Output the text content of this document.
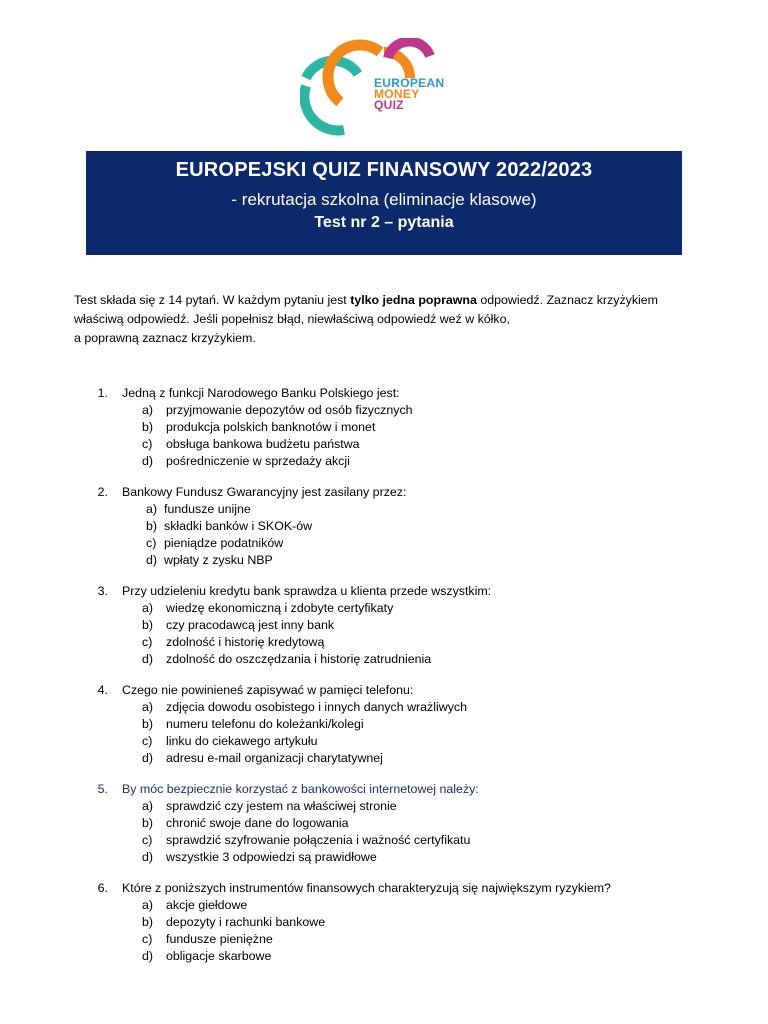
EUROPEAN
MONEY
QUIZ
EUROPEJSKI QUIZ FINANSOWY 2022/2023
- rekrutacja szkolna (eliminacje klasowe)
Test nr 2 – pytania
Test składa się z 14 pytań. W każdym pytaniu jest tylko jedna poprawna odpowiedź. Zaznacz krzyżykiem właściwą odpowiedź. Jeśli popełnisz błąd, niewłaściwą odpowiedź weź w kółko,
a poprawną zaznacz krzyżykiem.
1.	Jedną z funkcji Narodowego Banku Polskiego jest:
a)	przyjmowanie depozytów od osób fizycznych
b)	produkcja polskich banknotów i monet
c)	obsługa bankowa budżetu państwa
d)	pośredniczenie w sprzedaży akcji
2.	Bankowy Fundusz Gwarancyjny jest zasilany przez:
a) fundusze unijne
b) składki banków i SKOK-ów
c) pieniądze podatników
d) wpłaty z zysku NBP
3.	Przy udzieleniu kredytu bank sprawdza u klienta przede wszystkim:
a)	wiedzę ekonomiczną i zdobyte certyfikaty
b)	czy pracodawcą jest inny bank
c)	zdolność i historię kredytową
d)	zdolność do oszczędzania i historię zatrudnienia
4.	Czego nie powinieneś zapisywać w pamięci telefonu:
a)	zdjęcia dowodu osobistego i innych danych wrażliwych
b)	numeru telefonu do koleżanki/kolegi
c)	linku do ciekawego artykułu
d)	adresu e-mail organizacji charytatywnej
5.	By móc bezpiecznie korzystać z bankowości internetowej należy:
a)	sprawdzić czy jestem na właściwej stronie
b)	chronić swoje dane do logowania
c)	sprawdzić szyfrowanie połączenia i ważność certyfikatu
d)	wszystkie 3 odpowiedzi są prawidłowe
6.	Które z poniższych instrumentów finansowych charakteryzują się największym ryzykiem?
a)	akcje giełdowe
b)	depozyty i rachunki bankowe
c)	fundusze pieniężne
d)	obligacje skarbowe
